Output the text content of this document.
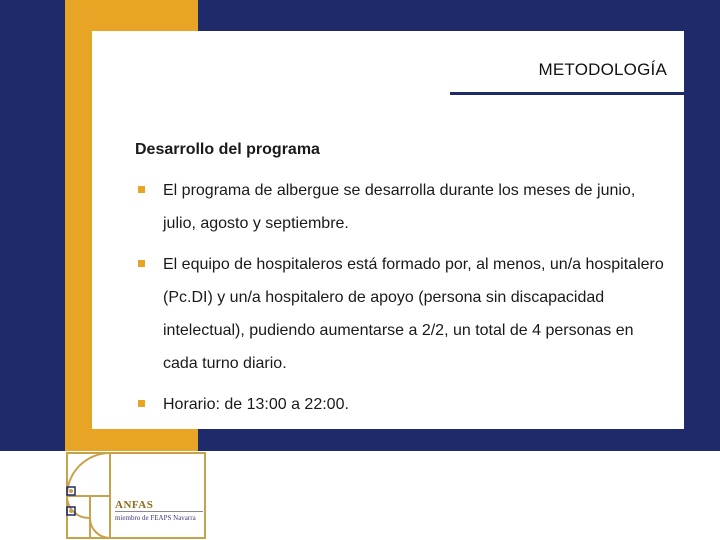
METODOLOGÍA
Desarrollo del programa
El programa de albergue se desarrolla durante los meses de junio, julio, agosto y septiembre.
El equipo de hospitaleros está formado por, al menos, un/a hospitalero (Pc.DI) y un/a hospitalero de apoyo (persona sin discapacidad intelectual), pudiendo aumentarse a 2/2, un total de 4 personas en cada turno diario.
Horario: de 13:00 a 22:00.
ANFAS
miembro de FEAPS Navarra
